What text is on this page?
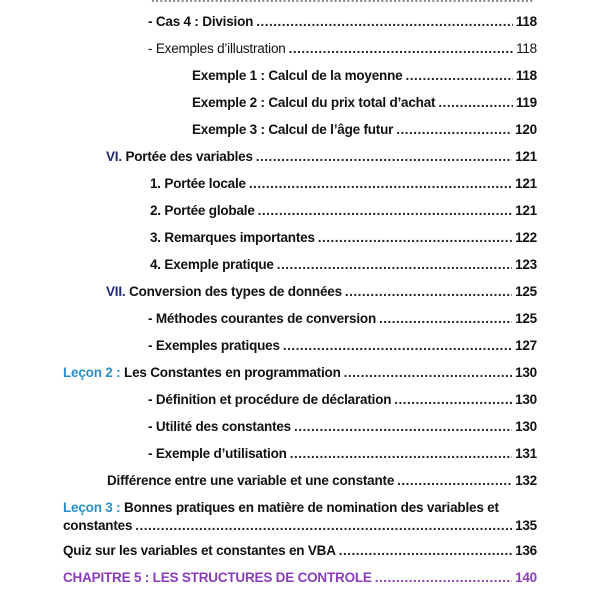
.....
- Cas 4 : Division .....	118
- Exemples d’illustration .....	118
Exemple 1 : Calcul de la moyenne .....	118
Exemple 2 : Calcul du prix total d’achat .....	119
Exemple 3 : Calcul de l’âge futur .....	120
VI. Portée des variables .....	121
1. Portée locale .....	121
2. Portée globale .....	121
3. Remarques importantes .....	122
4. Exemple pratique .....	123
VII. Conversion des types de données .....	125
- Méthodes courantes de conversion .....	125
- Exemples pratiques .....	127
Leçon 2 : Les Constantes en programmation .....	130
- Définition et procédure de déclaration .....	130
- Utilité des constantes .....	130
- Exemple d’utilisation .....	131
Différence entre une variable et une constante .....	132
Leçon 3 : Bonnes pratiques en matière de nomination des variables et
constantes .....	135
Quiz sur les variables et constantes en VBA .....	136
CHAPITRE 5 : LES STRUCTURES DE CONTROLE .....	140
